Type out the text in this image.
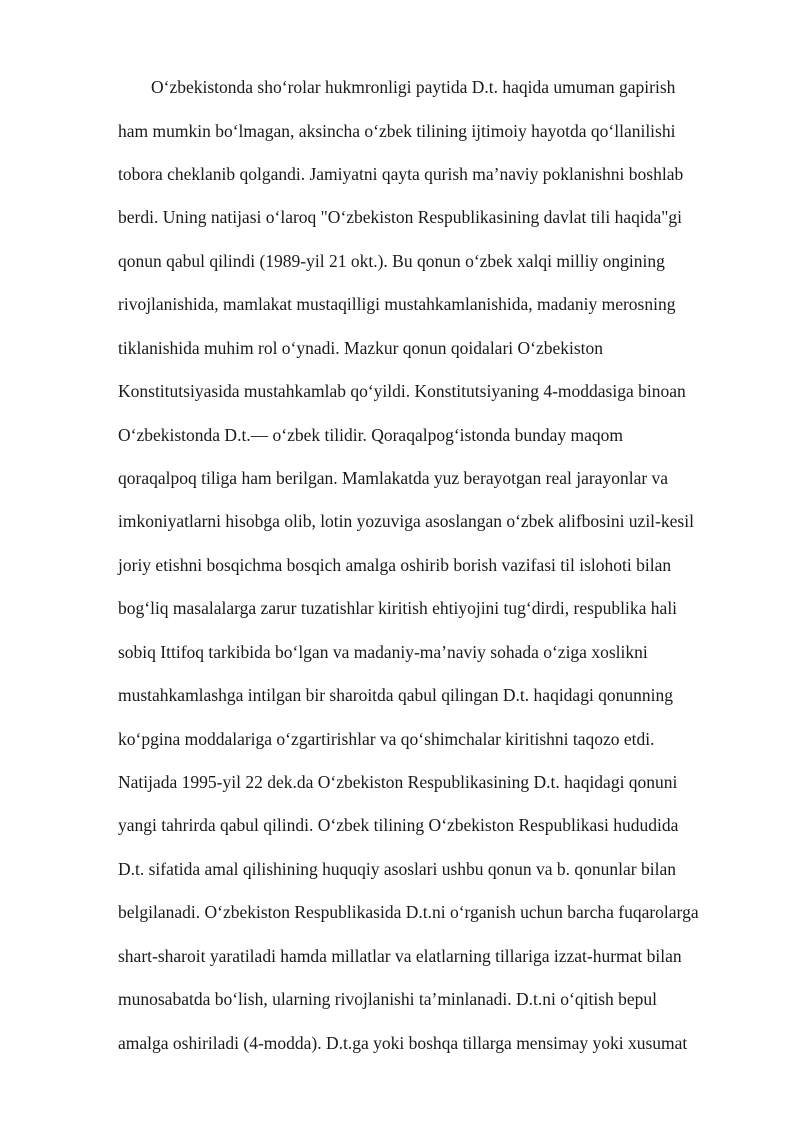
O‘zbekistonda sho‘rolar hukmronligi paytida D.t. haqida umuman gapirish
ham mumkin bo‘lmagan, aksincha o‘zbek tilining ijtimoiy hayotda qo‘llanilishi
tobora cheklanib qolgandi. Jamiyatni qayta qurish ma’naviy poklanishni boshlab
berdi. Uning natijasi o‘laroq "O‘zbekiston Respublikasining davlat tili haqida"gi
qonun qabul qilindi (1989-yil 21 okt.). Bu qonun o‘zbek xalqi milliy ongining
rivojlanishida, mamlakat mustaqilligi mustahkamlanishida, madaniy merosning
tiklanishida muhim rol o‘ynadi. Mazkur qonun qoidalari O‘zbekiston
Konstitutsiyasida mustahkamlab qo‘yildi. Konstitutsiyaning 4-moddasiga binoan
O‘zbekistonda D.t.— o‘zbek tilidir. Qoraqalpog‘istonda bunday maqom
qoraqalpoq tiliga ham berilgan. Mamlakatda yuz berayotgan real jarayonlar va
imkoniyatlarni hisobga olib, lotin yozuviga asoslangan o‘zbek alifbosini uzil-kesil
joriy etishni bosqichma bosqich amalga oshirib borish vazifasi til islohoti bilan
bog‘liq masalalarga zarur tuzatishlar kiritish ehtiyojini tug‘dirdi, respublika hali
sobiq Ittifoq tarkibida bo‘lgan va madaniy-ma’naviy sohada o‘ziga xoslikni
mustahkamlashga intilgan bir sharoitda qabul qilingan D.t. haqidagi qonunning
ko‘pgina moddalariga o‘zgartirishlar va qo‘shimchalar kiritishni taqozo etdi.
Natijada 1995-yil 22 dek.da O‘zbekiston Respublikasining D.t. haqidagi qonuni
yangi tahrirda qabul qilindi. O‘zbek tilining O‘zbekiston Respublikasi hududida
D.t. sifatida amal qilishining huquqiy asoslari ushbu qonun va b. qonunlar bilan
belgilanadi. O‘zbekiston Respublikasida D.t.ni o‘rganish uchun barcha fuqarolarga
shart-sharoit yaratiladi hamda millatlar va elatlarning tillariga izzat-hurmat bilan
munosabatda bo‘lish, ularning rivojlanishi ta’minlanadi. D.t.ni o‘qitish bepul
amalga oshiriladi (4-modda). D.t.ga yoki boshqa tillarga mensimay yoki xusumat
